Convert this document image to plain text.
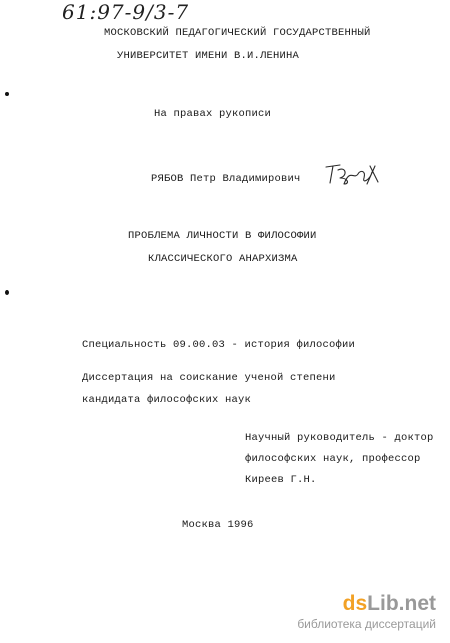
61:97-9/3-7
МОСКОВСКИЙ ПЕДАГОГИЧЕСКИЙ ГОСУДАРСТВЕННЫЙ
УНИВЕРСИТЕТ ИМЕНИ В.И.ЛЕНИНА
На правах рукописи
РЯБОВ Петр Владимирович
ПРОБЛЕМА ЛИЧНОСТИ В ФИЛОСОФИИ
КЛАССИЧЕСКОГО АНАРХИЗМА
Специальность 09.00.03 - история философии
Диссертация на соискание ученой степени
кандидата философских наук
Научный руководитель - доктор
философских наук, профессор
Киреев Г.Н.
Москва 1996
dsLib.net
библиотека диссертаций
